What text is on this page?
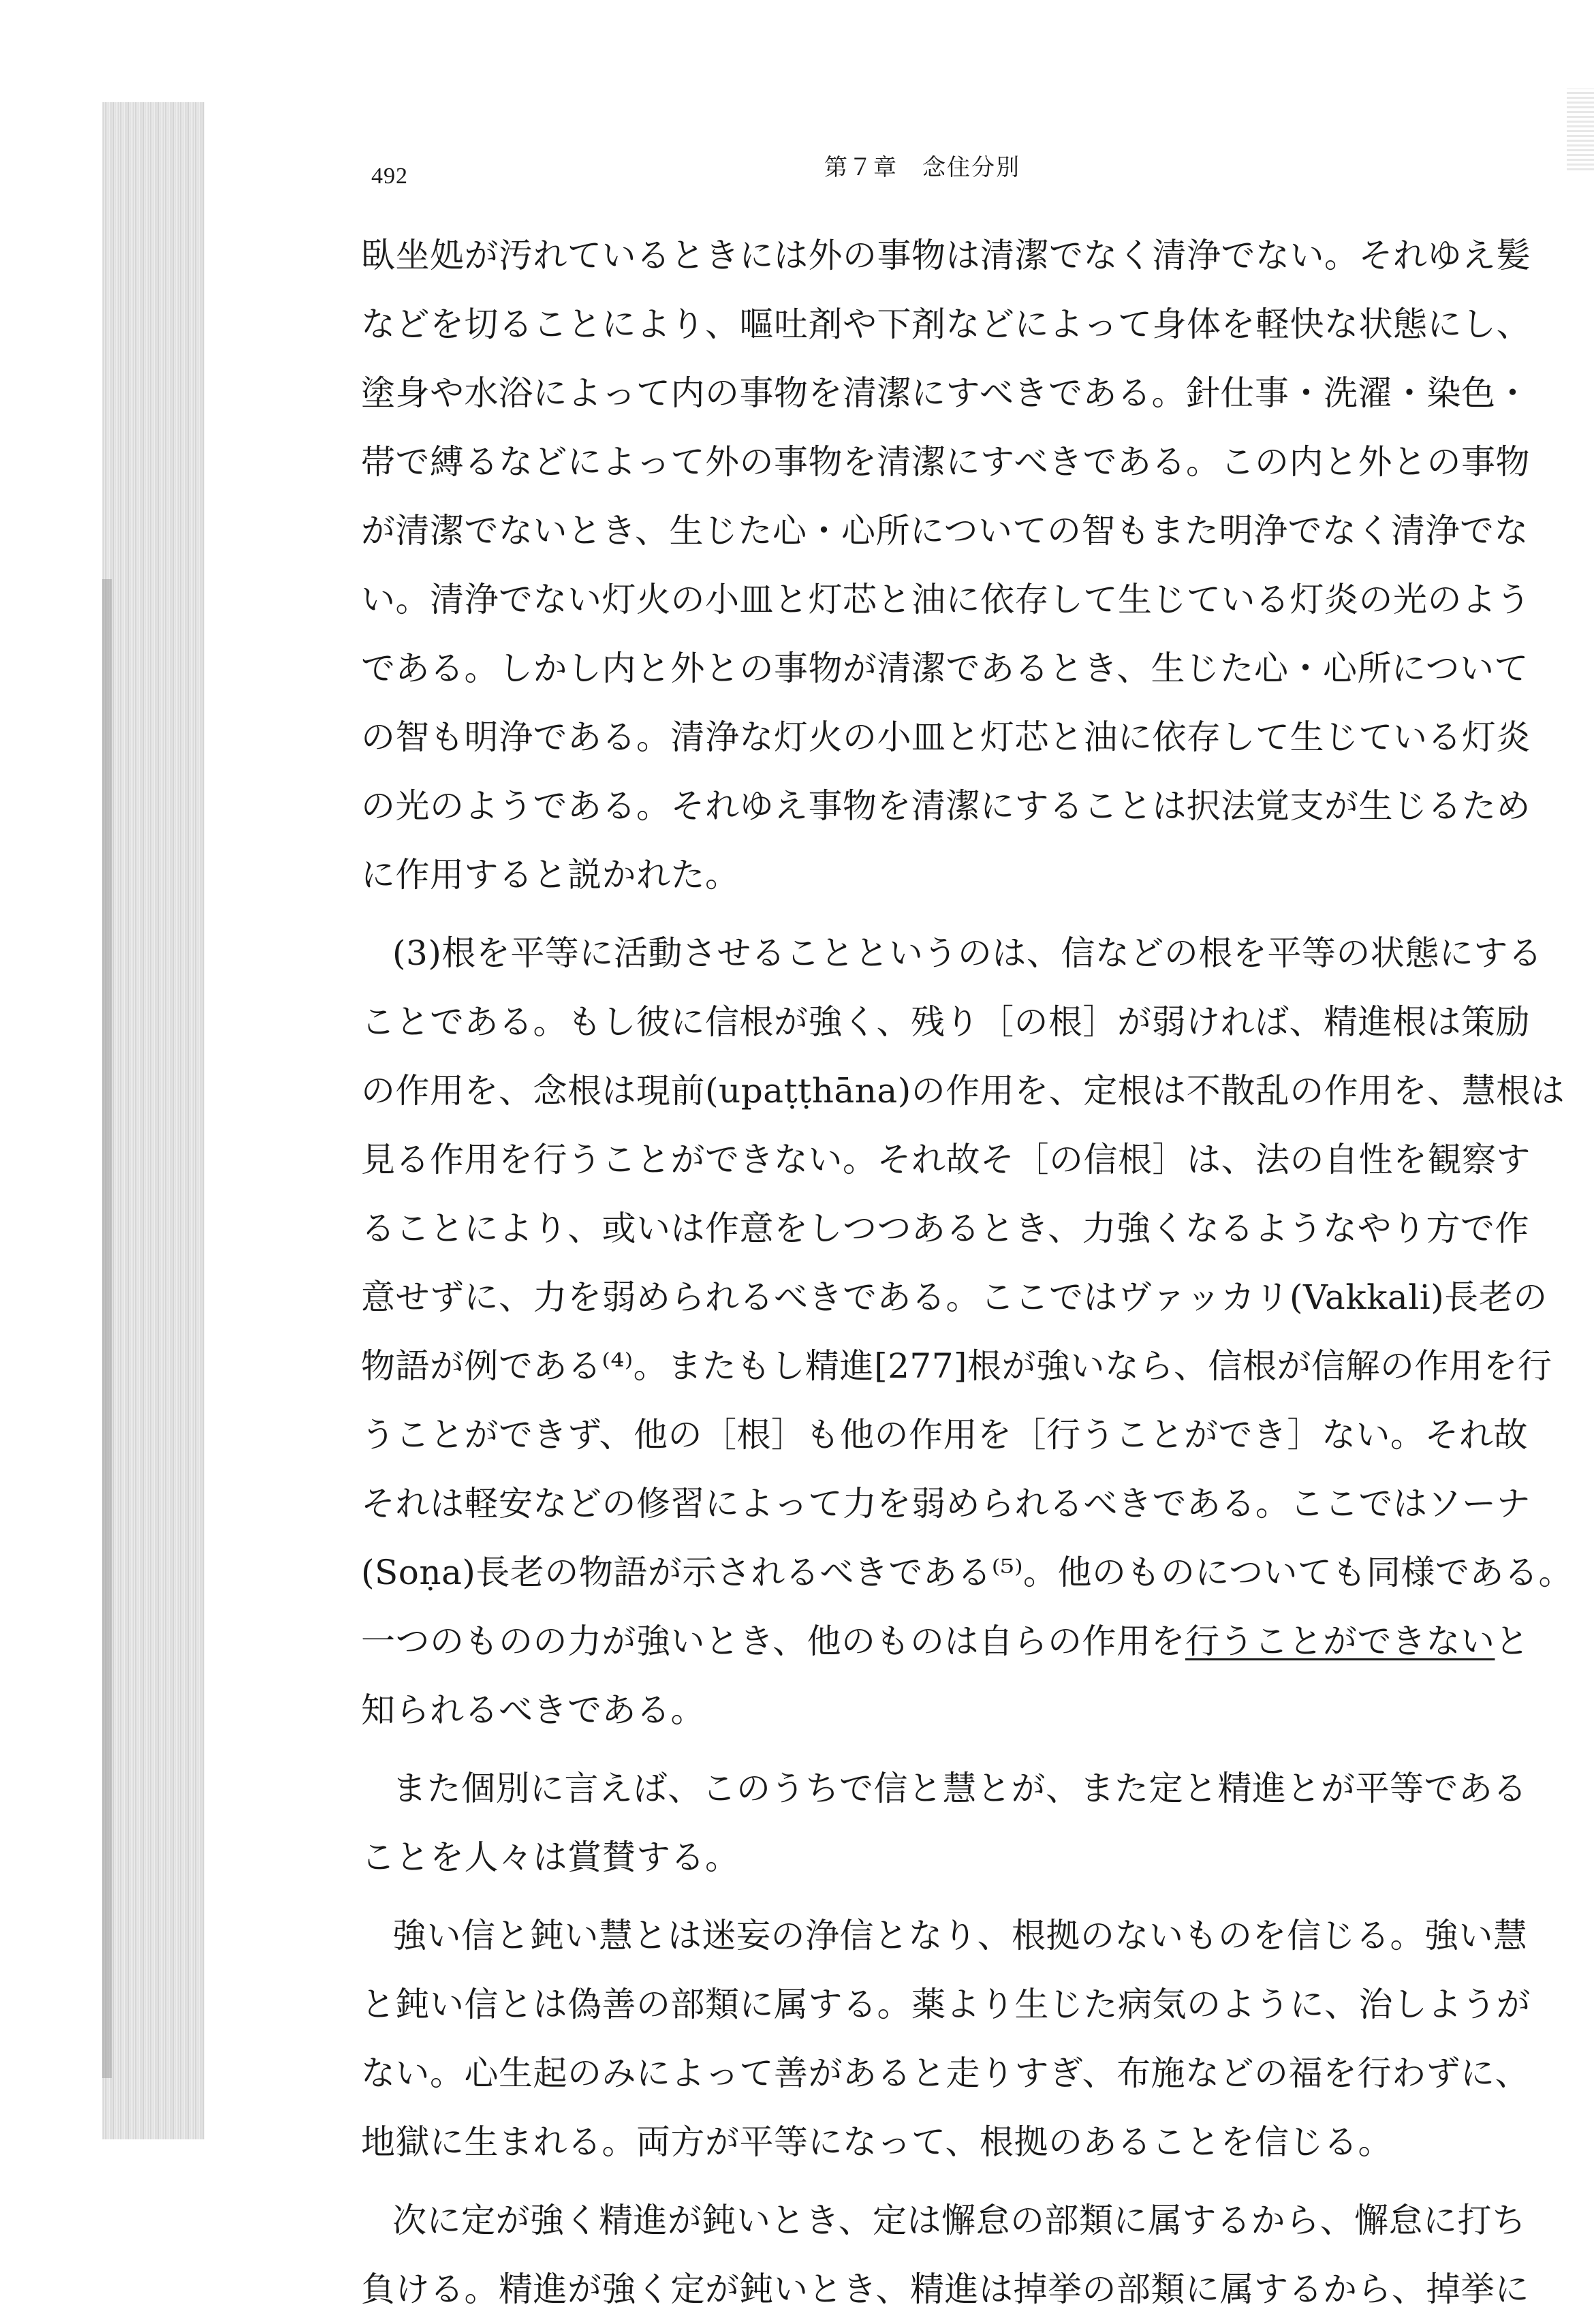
492	第７章　念住分別
臥坐処が汚れているときには外の事物は清潔でなく清浄でない。それゆえ髪
などを切ることにより、嘔吐剤や下剤などによって身体を軽快な状態にし、
塗身や水浴によって内の事物を清潔にすべきである。針仕事・洗濯・染色・
帯で縛るなどによって外の事物を清潔にすべきである。この内と外との事物
が清潔でないとき、生じた心・心所についての智もまた明浄でなく清浄でな
い。清浄でない灯火の小皿と灯芯と油に依存して生じている灯炎の光のよう
である。しかし内と外との事物が清潔であるとき、生じた心・心所について
の智も明浄である。清浄な灯火の小皿と灯芯と油に依存して生じている灯炎
の光のようである。それゆえ事物を清潔にすることは択法覚支が生じるため
に作用すると説かれた。
(3)根を平等に活動させることというのは、信などの根を平等の状態にする
ことである。もし彼に信根が強く、残り［の根］が弱ければ、精進根は策励
の作用を、念根は現前(upaṭṭhāna)の作用を、定根は不散乱の作用を、慧根は
見る作用を行うことができない。それ故そ［の信根］は、法の自性を観察す
ることにより、或いは作意をしつつあるとき、力強くなるようなやり方で作
意せずに、力を弱められるべきである。ここではヴァッカリ(Vakkali)長老の
物語が例である⁽⁴⁾。またもし精進[277]根が強いなら、信根が信解の作用を行
うことができず、他の［根］も他の作用を［行うことができ］ない。それ故
それは軽安などの修習によって力を弱められるべきである。ここではソーナ
(Soṇa)長老の物語が示されるべきである⁽⁵⁾。他のものについても同様である。
一つのものの力が強いとき、他のものは自らの作用を行うことができないと
知られるべきである。
また個別に言えば、このうちで信と慧とが、また定と精進とが平等である
ことを人々は賞賛する。
強い信と鈍い慧とは迷妄の浄信となり、根拠のないものを信じる。強い慧
と鈍い信とは偽善の部類に属する。薬より生じた病気のように、治しようが
ない。心生起のみによって善があると走りすぎ、布施などの福を行わずに、
地獄に生まれる。両方が平等になって、根拠のあることを信じる。
次に定が強く精進が鈍いとき、定は懈怠の部類に属するから、懈怠に打ち
負ける。精進が強く定が鈍いとき、精進は掉挙の部類に属するから、掉挙に
